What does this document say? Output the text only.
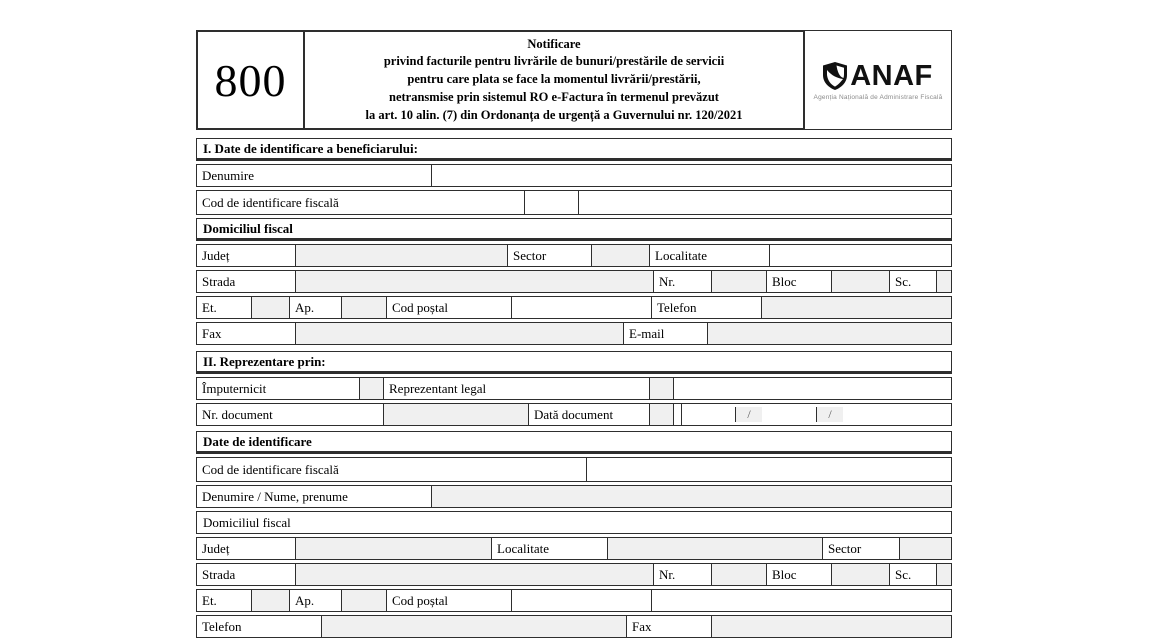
800
Notificare
privind facturile pentru livrările de bunuri/prestările de servicii
pentru care plata se face la momentul livrării/prestării,
netransmise prin sistemul RO e-Factura în termenul prevăzut
la art. 10 alin. (7) din Ordonanța de urgență a Guvernului nr. 120/2021
ANAF
Agenția Națională de Administrare Fiscală
I. Date de identificare a beneficiarului:
Denumire
Cod de identificare fiscală
Domiciliul fiscal
Județ	Sector	Localitate
Strada	Nr.	Bloc	Sc.
Et.	Ap.	Cod poștal	Telefon
Fax	E-mail
II. Reprezentare prin:
Împuternicit	Reprezentant legal
Nr. document	Dată document	/	/
Date de identificare
Cod de identificare fiscală
Denumire / Nume, prenume
Domiciliul fiscal
Județ	Localitate	Sector
Strada	Nr.	Bloc	Sc.
Et.	Ap.	Cod poștal
Telefon	Fax
